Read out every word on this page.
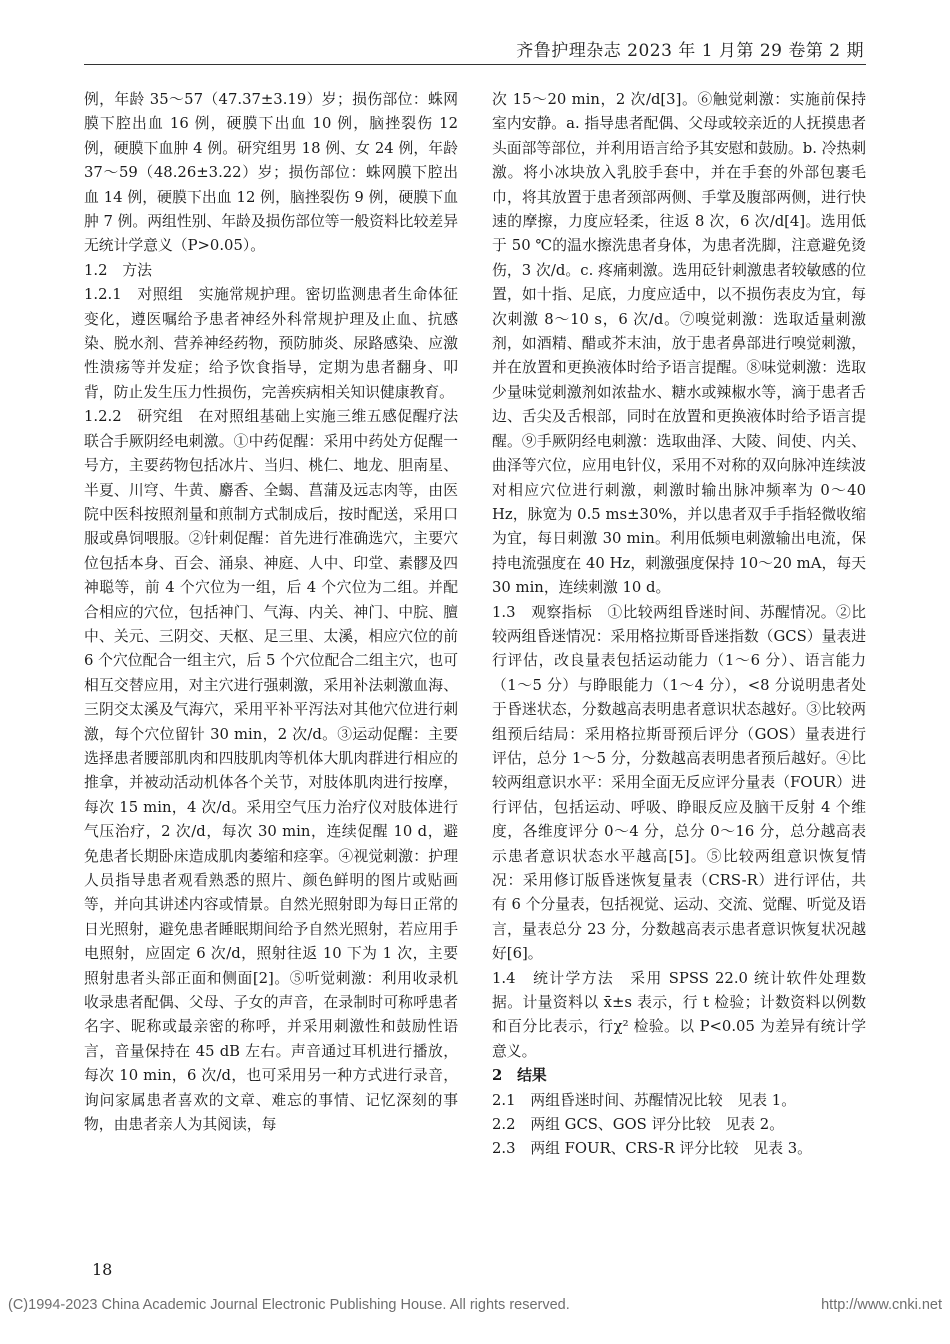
齐鲁护理杂志 2023 年 1 月第 29 卷第 2 期

例，年龄 35～57（47.37±3.19）岁；损伤部位：蛛网膜下腔出血 16 例，硬膜下出血 10 例，脑挫裂伤 12 例，硬膜下血肿 4 例。研究组男 18 例、女 24 例，年龄 37～59（48.26±3.22）岁；损伤部位：蛛网膜下腔出血 14 例，硬膜下出血 12 例，脑挫裂伤 9 例，硬膜下血肿 7 例。两组性别、年龄及损伤部位等一般资料比较差异无统计学意义（P>0.05）。

1.2　方法

1.2.1　对照组　实施常规护理。密切监测患者生命体征变化，遵医嘱给予患者神经外科常规护理及止血、抗感染、脱水剂、营养神经药物，预防肺炎、尿路感染、应激性溃疡等并发症；给予饮食指导，定期为患者翻身、叩背，防止发生压力性损伤，完善疾病相关知识健康教育。

1.2.2　研究组　在对照组基础上实施三维五感促醒疗法联合手厥阴经电刺激。①中药促醒：采用中药处方促醒一号方，主要药物包括冰片、当归、桃仁、地龙、胆南星、半夏、川穹、牛黄、麝香、全蝎、菖蒲及远志肉等，由医院中医科按照剂量和煎制方式制成后，按时配送，采用口服或鼻饲喂服。②针刺促醒：首先进行准确选穴，主要穴位包括本身、百会、涌泉、神庭、人中、印堂、素髎及四神聪等，前 4 个穴位为一组，后 4 个穴位为二组。并配合相应的穴位，包括神门、气海、内关、神门、中脘、膻中、关元、三阴交、天枢、足三里、太溪，相应穴位的前 6 个穴位配合一组主穴，后 5 个穴位配合二组主穴，也可相互交替应用，对主穴进行强刺激，采用补法刺激血海、三阴交太溪及气海穴，采用平补平泻法对其他穴位进行刺激，每个穴位留针 30 min，2 次/d。③运动促醒：主要选择患者腰部肌肉和四肢肌肉等机体大肌肉群进行相应的推拿，并被动活动机体各个关节，对肢体肌肉进行按摩，每次 15 min，4 次/d。采用空气压力治疗仪对肢体进行气压治疗，2 次/d，每次 30 min，连续促醒 10 d，避免患者长期卧床造成肌肉萎缩和痉挛。④视觉刺激：护理人员指导患者观看熟悉的照片、颜色鲜明的图片或贴画等，并向其讲述内容或情景。自然光照射即为每日正常的日光照射，避免患者睡眠期间给予自然光照射，若应用手电照射，应固定 6 次/d，照射往返 10 下为 1 次，主要照射患者头部正面和侧面[2]。⑤听觉刺激：利用收录机收录患者配偶、父母、子女的声音，在录制时可称呼患者名字、昵称或最亲密的称呼，并采用刺激性和鼓励性语言，音量保持在 45 dB 左右。声音通过耳机进行播放，每次 10 min，6 次/d，也可采用另一种方式进行录音，询问家属患者喜欢的文章、难忘的事情、记忆深刻的事物，由患者亲人为其阅读，每

次 15～20 min，2 次/d[3]。⑥触觉刺激：实施前保持室内安静。a. 指导患者配偶、父母或较亲近的人抚摸患者头面部等部位，并利用语言给予其安慰和鼓励。b. 冷热刺激。将小冰块放入乳胶手套中，并在手套的外部包裹毛巾，将其放置于患者颈部两侧、手掌及腹部两侧，进行快速的摩擦，力度应轻柔，往返 8 次，6 次/d[4]。选用低于 50 ℃的温水擦洗患者身体，为患者洗脚，注意避免烫伤，3 次/d。c. 疼痛刺激。选用砭针刺激患者较敏感的位置，如十指、足底，力度应适中，以不损伤表皮为宜，每次刺激 8～10 s，6 次/d。⑦嗅觉刺激：选取适量刺激剂，如酒精、醋或芥末油，放于患者鼻部进行嗅觉刺激，并在放置和更换液体时给予语言提醒。⑧味觉刺激：选取少量味觉刺激剂如浓盐水、糖水或辣椒水等，滴于患者舌边、舌尖及舌根部，同时在放置和更换液体时给予语言提醒。⑨手厥阴经电刺激：选取曲泽、大陵、间使、内关、曲泽等穴位，应用电针仪，采用不对称的双向脉冲连续波对相应穴位进行刺激，刺激时输出脉冲频率为 0～40 Hz，脉宽为 0.5 ms±30%，并以患者双手手指轻微收缩为宜，每日刺激 30 min。利用低频电刺激输出电流，保持电流强度在 40 Hz，刺激强度保持 10～20 mA，每天 30 min，连续刺激 10 d。

1.3　观察指标　①比较两组昏迷时间、苏醒情况。②比较两组昏迷情况：采用格拉斯哥昏迷指数（GCS）量表进行评估，改良量表包括运动能力（1～6 分）、语言能力（1～5 分）与睁眼能力（1～4 分），<8 分说明患者处于昏迷状态，分数越高表明患者意识状态越好。③比较两组预后结局：采用格拉斯哥预后评分（GOS）量表进行评估，总分 1～5 分，分数越高表明患者预后越好。④比较两组意识水平：采用全面无反应评分量表（FOUR）进行评估，包括运动、呼吸、睁眼反应及脑干反射 4 个维度，各维度评分 0～4 分，总分 0～16 分，总分越高表示患者意识状态水平越高[5]。⑤比较两组意识恢复情况：采用修订版昏迷恢复量表（CRS-R）进行评估，共有 6 个分量表，包括视觉、运动、交流、觉醒、听觉及语言，量表总分 23 分，分数越高表示患者意识恢复状况越好[6]。

1.4　统计学方法　采用 SPSS 22.0 统计软件处理数据。计量资料以 x̄±s 表示，行 t 检验；计数资料以例数和百分比表示，行χ² 检验。以 P<0.05 为差异有统计学意义。

2　结果

2.1　两组昏迷时间、苏醒情况比较　见表 1。

2.2　两组 GCS、GOS 评分比较　见表 2。

2.3　两组 FOUR、CRS-R 评分比较　见表 3。

18
(C)1994-2023 China Academic Journal Electronic Publishing House. All rights reserved.	http://www.cnki.net
